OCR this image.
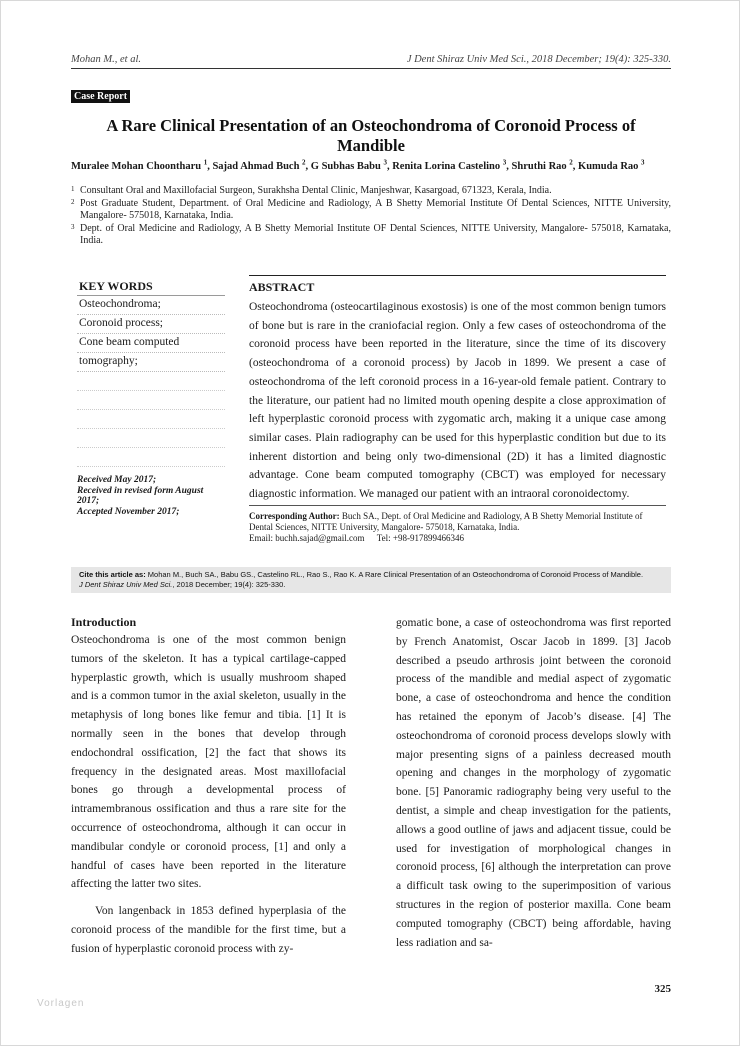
Mohan M., et al.	J Dent Shiraz Univ Med Sci., 2018 December; 19(4): 325-330.
Case Report
A Rare Clinical Presentation of an Osteochondroma of Coronoid Process of Mandible
Muralee Mohan Choontharu $^1$, Sajad Ahmad Buch $^2$, G Subhas Babu $^3$, Renita Lorina Castelino $^3$, Shruthi Rao $^2$, Kumuda Rao $^3$
1 Consultant Oral and Maxillofacial Surgeon, Surakhsha Dental Clinic, Manjeshwar, Kasargoad, 671323, Kerala, India.
2 Post Graduate Student, Department. of Oral Medicine and Radiology, A B Shetty Memorial Institute Of Dental Sciences, NITTE University, Mangalore- 575018, Karnataka, India.
3 Dept. of Oral Medicine and Radiology, A B Shetty Memorial Institute OF Dental Sciences, NITTE University, Mangalore- 575018, Karnataka, India.
KEY WORDS
Osteochondroma;
Coronoid process;
Cone beam computed
tomography;
Received May 2017;
Received in revised form August 2017;
Accepted November 2017;
ABSTRACT

Osteochondroma (osteocartilaginous exostosis) is one of the most common benign tumors of bone but is rare in the craniofacial region. Only a few cases of osteochondroma of the coronoid process have been reported in the literature, since the time of its discovery (osteochondroma of a coronoid process) by Jacob in 1899. We present a case of osteochondroma of the left coronoid process in a 16-year-old female patient. Contrary to the literature, our patient had no limited mouth opening despite a close approximation of left hyperplastic coronoid process with zygomatic arch, making it a unique case among similar cases. Plain radiography can be used for this hyperplastic condition but due to its inherent distortion and being only two-dimensional (2D) it has a limited diagnostic advantage. Cone beam computed tomography (CBCT) was employed for necessary diagnostic information. We managed our patient with an intraoral coronoidectomy.

Corresponding Author: Buch SA., Dept. of Oral Medicine and Radiology, A B Shetty Memorial Institute of Dental Sciences, NITTE University, Mangalore- 575018, Karnataka, India.
Email: buchh.sajad@gmail.com Tel: +98-917899466346
Cite this article as: Mohan M., Buch SA., Babu GS., Castelino RL., Rao S., Rao K. A Rare Clinical Presentation of an Osteochondroma of Coronoid Process of Mandible.
J Dent Shiraz Univ Med Sci., 2018 December; 19(4): 325-330.
Introduction

Osteochondroma is one of the most common benign tumors of the skeleton. It has a typical cartilage-capped hyperplastic growth, which is usually mushroom shaped and is a common tumor in the axial skeleton, usually in the metaphysis of long bones like femur and tibia. [1] It is normally seen in the bones that develop through endochondral ossification, [2] the fact that shows its frequency in the designated areas. Most maxillofacial bones go through a developmental process of intramembranous ossification and thus a rare site for the occurrence of osteochondroma, although it can occur in mandibular condyle or coronoid process, [1] and only a handful of cases have been reported in the literature affecting the latter two sites.

Von langenback in 1853 defined hyperplasia of the coronoid process of the mandible for the first time, but a fusion of hyperplastic coronoid process with zy-

gomatic bone, a case of osteochondroma was first reported by French Anatomist, Oscar Jacob in 1899. [3] Jacob described a pseudo arthrosis joint between the coronoid process of the mandible and medial aspect of zygomatic bone, a case of osteochondroma and hence the condition has retained the eponym of Jacob’s disease. [4] The osteochondroma of coronoid process develops slowly with major presenting signs of a painless decreased mouth opening and changes in the morphology of zygomatic bone. [5] Panoramic radiography being very useful to the dentist, a simple and cheap investigation for the patients, allows a good outline of jaws and adjacent tissue, could be used for investigation of morphological changes in coronoid process, [6] although the interpretation can prove a difficult task owing to the superimposition of various structures in the region of posterior maxilla. Cone beam computed tomography (CBCT) being affordable, having less radiation and sa-

325
Vorlagen
